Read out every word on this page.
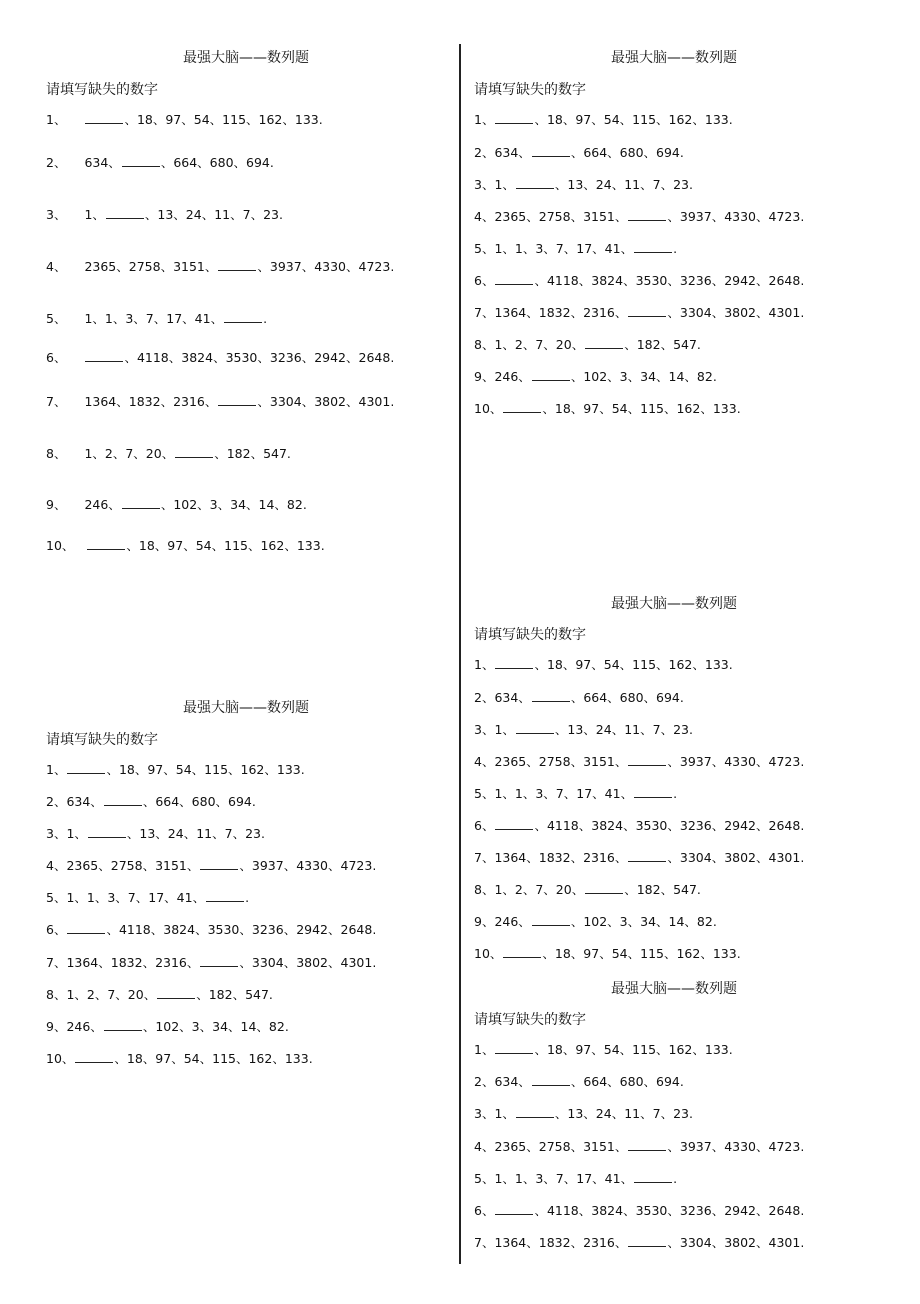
最强大脑——数列题
请填写缺失的数字
1、	、18、97、54、115、162、133.
2、 634、	、664、680、694.
3、 1、	、13、24、11、7、23.
4、 2365、2758、3151、	、3937、4330、4723.
5、 1、1、3、7、17、41、	.
6、	、4118、3824、3530、3236、2942、2648.
7、 1364、1832、2316、	、3304、3802、4301.
8、 1、2、7、20、	、182、547.
9、 246、	、102、3、34、14、82.
10、	、18、97、54、115、162、133.
最强大脑——数列题
请填写缺失的数字
1、	、18、97、54、115、162、133.
2、634、	、664、680、694.
3、1、	、13、24、11、7、23.
4、2365、2758、3151、	、3937、4330、4723.
5、1、1、3、7、17、41、	.
6、	、4118、3824、3530、3236、2942、2648.
7、1364、1832、2316、	、3304、3802、4301.
8、1、2、7、20、	、182、547.
9、246、	、102、3、34、14、82.
10、	、18、97、54、115、162、133.
最强大脑——数列题
请填写缺失的数字
1、	、18、97、54、115、162、133.
2、634、	、664、680、694.
3、1、	、13、24、11、7、23.
4、2365、2758、3151、	、3937、4330、4723.
5、1、1、3、7、17、41、	.
6、	、4118、3824、3530、3236、2942、2648.
7、1364、1832、2316、	、3304、3802、4301.
8、1、2、7、20、	、182、547.
9、246、	、102、3、34、14、82.
10、	、18、97、54、115、162、133.
最强大脑——数列题
请填写缺失的数字
1、	、18、97、54、115、162、133.
2、634、	、664、680、694.
3、1、	、13、24、11、7、23.
4、2365、2758、3151、	、3937、4330、4723.
5、1、1、3、7、17、41、	.
6、	、4118、3824、3530、3236、2942、2648.
7、1364、1832、2316、	、3304、3802、4301.
8、1、2、7、20、	、182、547.
9、246、	、102、3、34、14、82.
10、	、18、97、54、115、162、133.
最强大脑——数列题
请填写缺失的数字
1、	、18、97、54、115、162、133.
2、634、	、664、680、694.
3、1、	、13、24、11、7、23.
4、2365、2758、3151、	、3937、4330、4723.
5、1、1、3、7、17、41、	.
6、	、4118、3824、3530、3236、2942、2648.
7、1364、1832、2316、	、3304、3802、4301.
